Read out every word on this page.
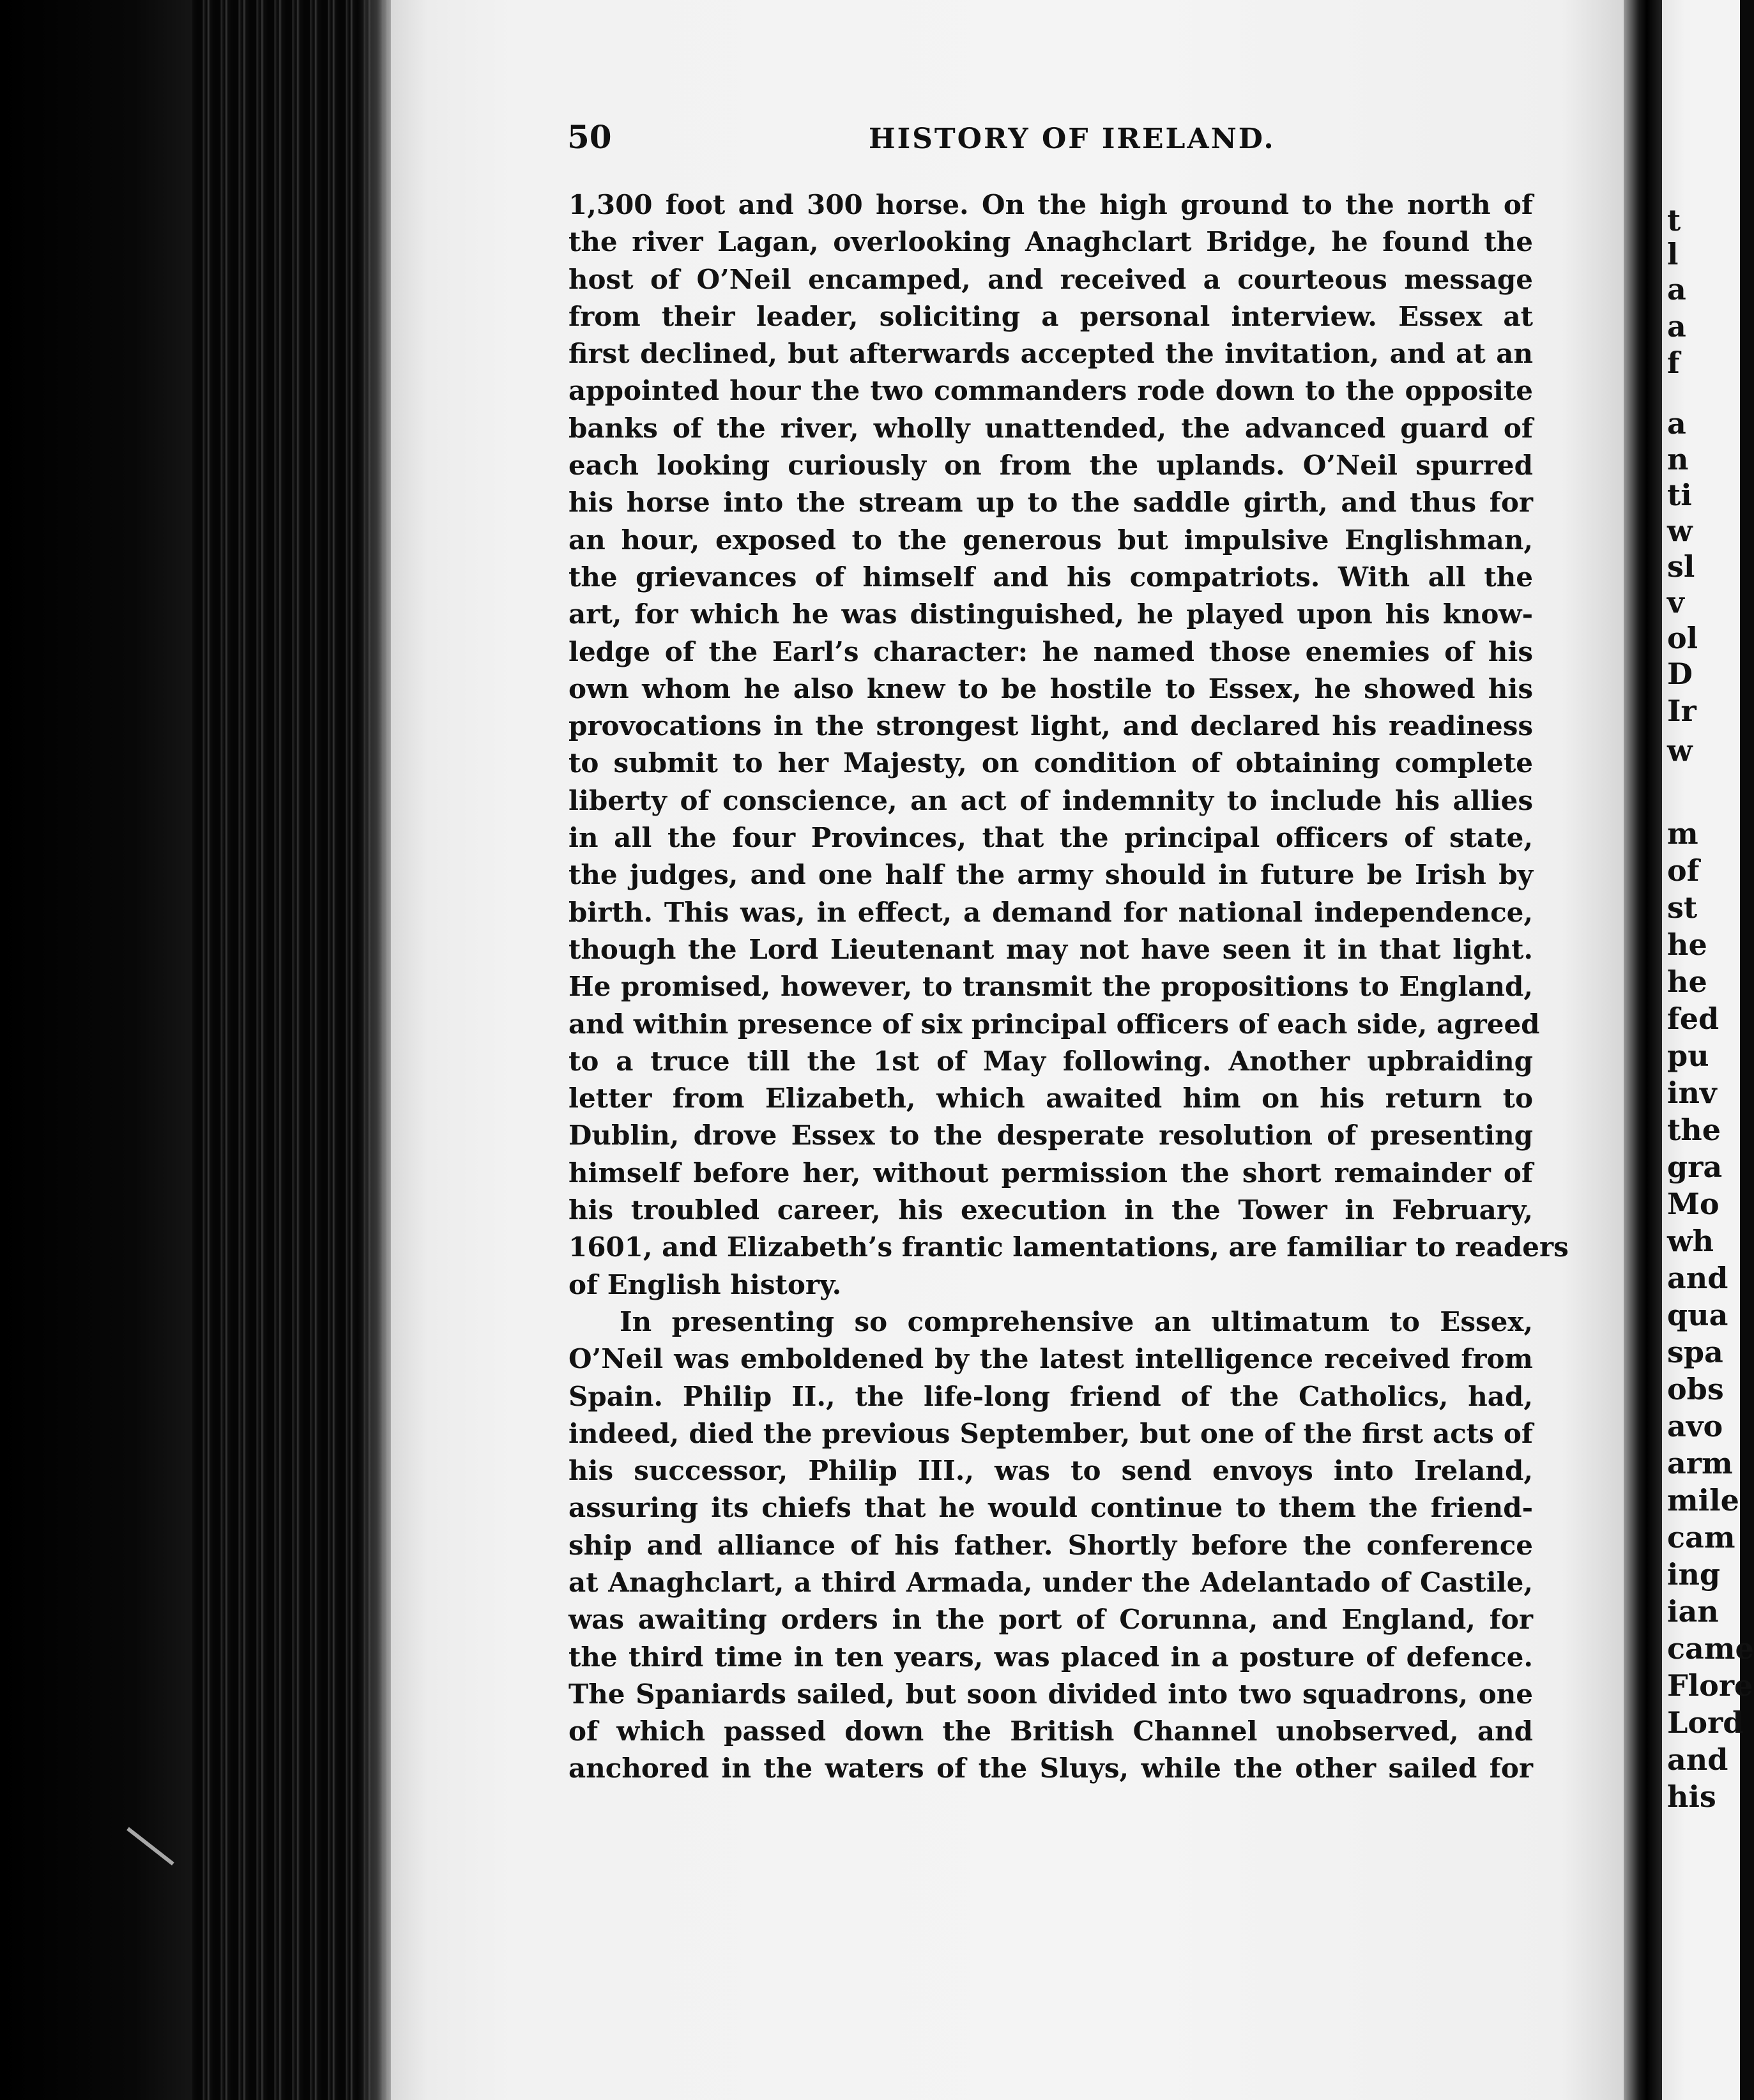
50	HISTORY OF IRELAND.
1,300 foot and 300 horse. On the high ground to the north of
the river Lagan, overlooking Anaghclart Bridge, he found the
host of O’Neil encamped, and received a courteous message
from their leader, soliciting a personal interview. Essex at
first declined, but afterwards accepted the invitation, and at an
appointed hour the two commanders rode down to the opposite
banks of the river, wholly unattended, the advanced guard of
each looking curiously on from the uplands. O’Neil spurred
his horse into the stream up to the saddle girth, and thus for
an hour, exposed to the generous but impulsive Englishman,
the grievances of himself and his compatriots. With all the
art, for which he was distinguished, he played upon his know-
ledge of the Earl’s character: he named those enemies of his
own whom he also knew to be hostile to Essex, he showed his
provocations in the strongest light, and declared his readiness
to submit to her Majesty, on condition of obtaining complete
liberty of conscience, an act of indemnity to include his allies
in all the four Provinces, that the principal officers of state,
the judges, and one half the army should in future be Irish by
birth. This was, in effect, a demand for national independence,
though the Lord Lieutenant may not have seen it in that light.
He promised, however, to transmit the propositions to England,
and within presence of six principal officers of each side, agreed
to a truce till the 1st of May following. Another upbraiding
letter from Elizabeth, which awaited him on his return to
Dublin, drove Essex to the desperate resolution of presenting
himself before her, without permission the short remainder of
his troubled career, his execution in the Tower in February,
1601, and Elizabeth’s frantic lamentations, are familiar to readers
of English history.
In presenting so comprehensive an ultimatum to Essex,
O’Neil was emboldened by the latest intelligence received from
Spain. Philip II., the life-long friend of the Catholics, had,
indeed, died the previous September, but one of the first acts of
his successor, Philip III., was to send envoys into Ireland,
assuring its chiefs that he would continue to them the friend-
ship and alliance of his father. Shortly before the conference
at Anaghclart, a third Armada, under the Adelantado of Castile,
was awaiting orders in the port of Corunna, and England, for
the third time in ten years, was placed in a posture of defence.
The Spaniards sailed, but soon divided into two squadrons, one
of which passed down the British Channel unobserved, and
anchored in the waters of the Sluys, while the other sailed for
t
l
a
a
f
a
n
ti
w
sl
v
ol
D
Ir
w
m
of
st
he
he
fed
pu
inv
the
gra
Mo
wh
and
qua
spa
obs
avo
arm
mile
cam
ing
ian
came
Flore
Lord
and
his
